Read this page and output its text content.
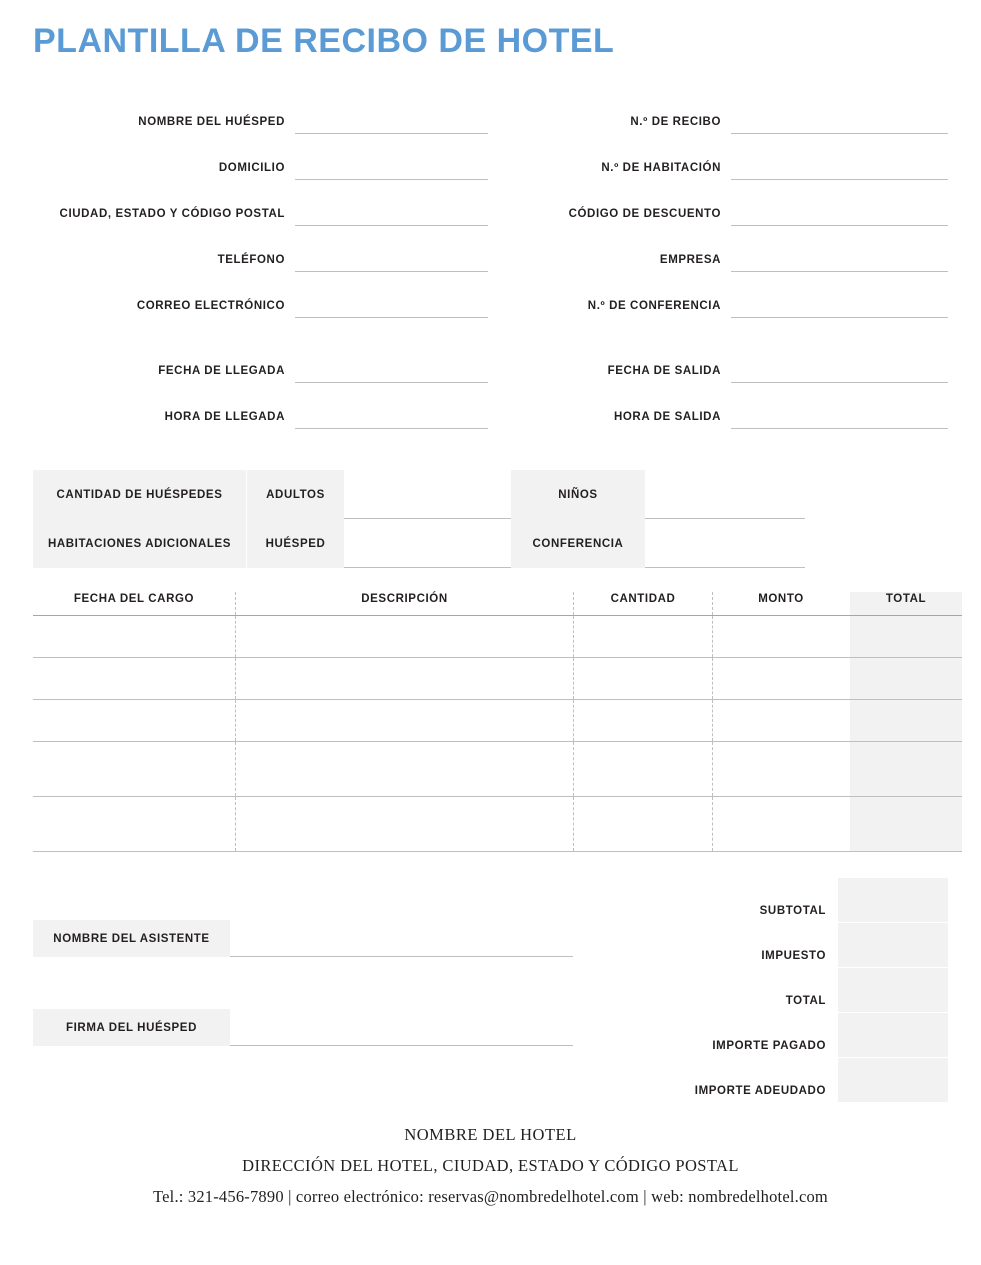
PLANTILLA DE RECIBO DE HOTEL
NOMBRE DEL HUÉSPED
DOMICILIO
CIUDAD, ESTADO Y CÓDIGO POSTAL
TELÉFONO
CORREO ELECTRÓNICO
FECHA DE LLEGADA
HORA DE LLEGADA
N.º DE RECIBO
N.º DE HABITACIÓN
CÓDIGO DE DESCUENTO
EMPRESA
N.º DE CONFERENCIA
FECHA DE SALIDA
HORA DE SALIDA
CANTIDAD DE HUÉSPEDES	ADULTOS	NIÑOS
HABITACIONES ADICIONALES	HUÉSPED	CONFERENCIA
FECHA DEL CARGO	DESCRIPCIÓN	CANTIDAD	MONTO	TOTAL

SUBTOTAL
IMPUESTO
TOTAL
IMPORTE PAGADO
IMPORTE ADEUDADO
NOMBRE DEL ASISTENTE
FIRMA DEL HUÉSPED
NOMBRE DEL HOTEL
DIRECCIÓN DEL HOTEL, CIUDAD, ESTADO Y CÓDIGO POSTAL
Tel.: 321-456-7890 | correo electrónico: reservas@nombredelhotel.com | web: nombredelhotel.com
